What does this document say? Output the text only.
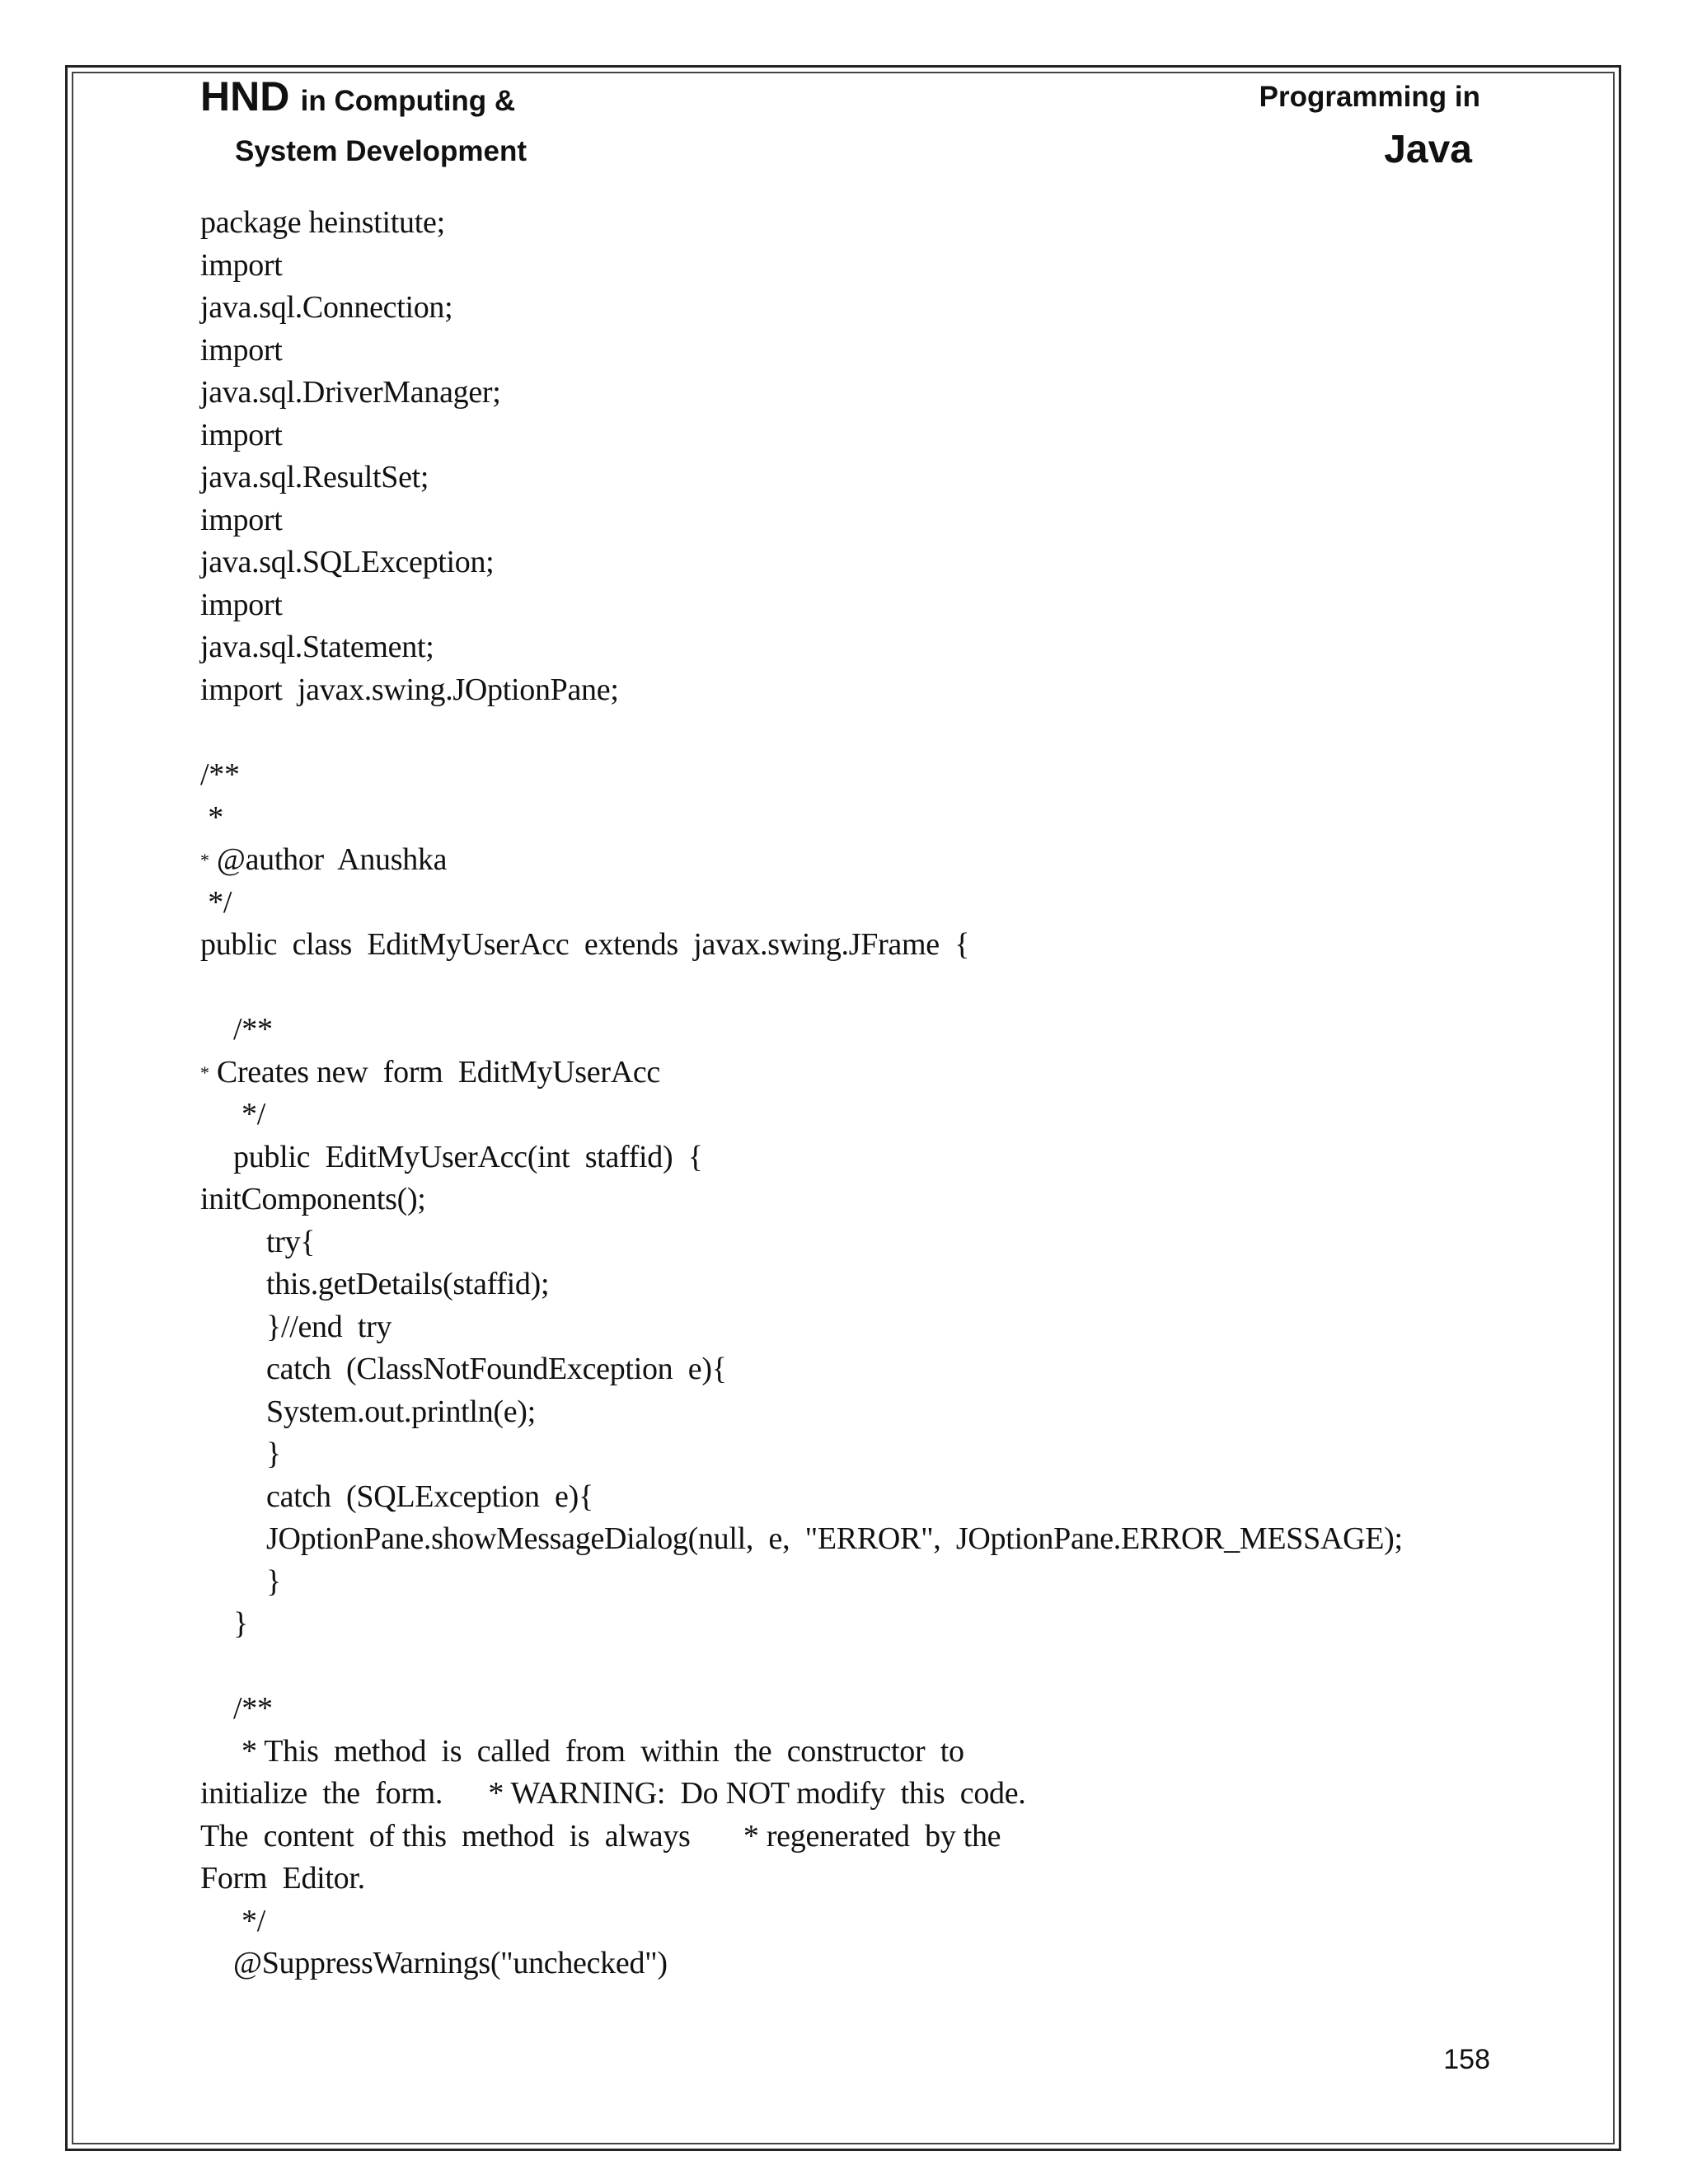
HND in Computing &
System Development
Programming in
Java
package heinstitute;
import
java.sql.Connection;
import
java.sql.DriverManager;
import
java.sql.ResultSet;
import
java.sql.SQLException;
import
java.sql.Statement;
import  javax.swing.JOptionPane;
/**
*
* @author  Anushka
*/
public  class  EditMyUserAcc  extends  javax.swing.JFrame  {
/**
* Creates new  form  EditMyUserAcc
*/
public  EditMyUserAcc(int  staffid)  {
initComponents();
try{
this.getDetails(staffid);
}//end  try
catch  (ClassNotFoundException  e){
System.out.println(e);
}
catch  (SQLException  e){
JOptionPane.showMessageDialog(null,  e,  "ERROR",  JOptionPane.ERROR_MESSAGE);
}
}
/**
* This  method  is  called  from  within  the  constructor  to
initialize  the  form.      * WARNING:  Do NOT modify  this  code.
The  content  of this  method  is  always       * regenerated  by the
Form  Editor.
*/
@SuppressWarnings("unchecked")
158
